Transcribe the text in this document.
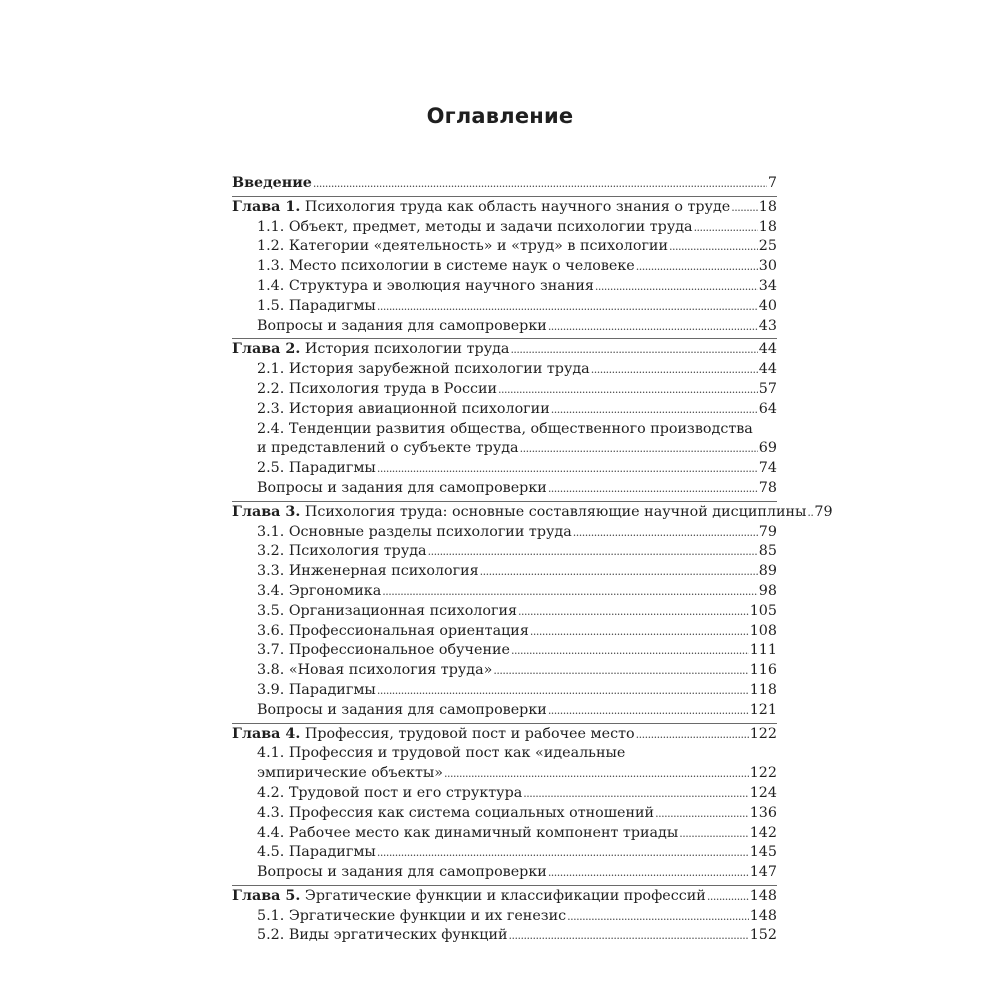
Оглавление
Введение .....	7
Глава 1. Психология труда как область научного знания о труде ..... 18
1.1. Объект, предмет, методы и задачи психологии труда .....	18
1.2. Категории «деятельность» и «труд» в психологии .....	25
1.3. Место психологии в системе наук о человеке .....	30
1.4. Структура и эволюция научного знания .....	34
1.5. Парадигмы .....	40
Вопросы и задания для самопроверки .....	43
Глава 2. История психологии труда .....	44
2.1. История зарубежной психологии труда .....	44
2.2. Психология труда в России .....	57
2.3. История авиационной психологии .....	64
2.4. Тенденции развития общества, общественного производства
и представлений о субъекте труда .....	69
2.5. Парадигмы .....	74
Вопросы и задания для самопроверки .....	78
Глава 3. Психология труда: основные составляющие научной дисциплины ..... 79
3.1. Основные разделы психологии труда .....	79
3.2. Психология труда .....	85
3.3. Инженерная психология .....	89
3.4. Эргономика .....	98
3.5. Организационная психология .....	105
3.6. Профессиональная ориентация .....	108
3.7. Профессиональное обучение .....	111
3.8. «Новая психология труда» .....	116
3.9. Парадигмы .....	118
Вопросы и задания для самопроверки .....	121
Глава 4. Профессия, трудовой пост и рабочее место .....	122
4.1. Профессия и трудовой пост как «идеальные
эмпирические объекты» .....	122
4.2. Трудовой пост и его структура .....	124
4.3. Профессия как система социальных отношений .....	136
4.4. Рабочее место как динамичный компонент триады .....	142
4.5. Парадигмы .....	145
Вопросы и задания для самопроверки .....	147
Глава 5. Эргатические функции и классификации профессий .....	148
5.1. Эргатические функции и их генезис .....	148
5.2. Виды эргатических функций .....	152
